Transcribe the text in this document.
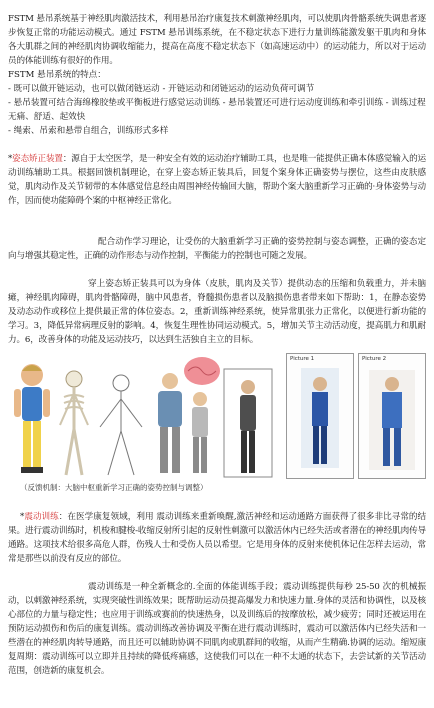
FSTM 悬吊系统基于神经肌肉激活技术，利用悬吊治疗康复技术刺激神经肌肉，可以使肌肉骨骼系统失调患者逐步恢复正常的功能运动模式。通过 FSTM 悬吊训练系统，在不稳定状态下进行力量训练能激发躯干肌肉和身体各大肌群之间的神经肌肉协调收缩能力，提高在高度不稳定状态下（如高速运动中）的运动能力，所以对于运动员的体能训练有很好的作用。

FSTM 悬吊系统的特点：
- 既可以做开链运动，也可以做闭链运动 - 开链运动和闭链运动的运动负荷可调节
- 悬吊装置可结合海绵橡胶垫或平衡板进行感觉运动训练 - 悬吊装置还可进行运动度训练和牵引训练 - 训练过程无痛、舒适、起效快
- 绳索、吊索和悬带自组合，训练形式多样

*姿态矫正装置：源自于太空医学，是一种安全有效的运动治疗辅助工具，也是唯一能提供正确本体感觉输入的运动训练辅助工具。根据回馈机制理论，在穿上姿态矫正装具后，回复个案身体正确姿势与摆位，这些由皮肤感觉，肌肉动作及关节韧带的本体感觉信息经由周围神经传输回大脑，帮助个案大脑重新学习正确的·身体姿势与动作，因而使功能障碍个案的中枢神经正常化。

配合动作学习理论，让受伤的大脑重新学习正确的姿势控制与姿态调整，正确的姿态定向与增强其稳定性，正确的动作形态与动作控制，平衡能力的控制也可随之发展。

穿上姿态矫正装具可以为身体（皮肤，肌肉及关节）提供动态的压缩和负载重力，并未脑瘫，神经肌肉障碍，肌肉骨骼障碍，脑中风患者，脊髓损伤患者以及脑损伤患者带来如下帮助：1，在静态姿势及动态动作或移位上提供最正常的体位姿态。2，重新训练神经系统，使异常肌张力正常化，以便进行新功能的学习。3，降低异常病理反射的影响。4，恢复生理性协同运动模式。5，增加关节主动活动度，提高肌力和肌耐力。6，改善身体的功能及运动技巧，以达到生活独自主立的目标。

Picture 1	Picture 2
（反馈机制：大脑中枢重新学习正确的姿势控制与调整）

*震动训练：在医学康复领域，利用 震动训练来重新唤醒,激活神经和运动通路方面获得了很多非比寻常的结果。进行震动训练时，机梭和腱梭-收缩反射所引起的反射性刺激可以激活休内已经失活或者潜在的神经肌肉传导通路。这项技术给很多高危人群，伤残人士和受伤人员以希望。它是用身体的反射来使机体记住怎样去运动，常常是那些以前没有反应的部位。

震动训练是一种全新概念的.全面的体能训练手段；震动训练提供每秒 25-50 次的机械振动，以刺激神经系统，实现突破性训练效果；既帮助运动员提高爆发力和快速力量.身体的灵活和协调性，以及核心部位的力量与稳定性；也应用于训练或赛前的快速热身，以及训练后的按摩放松，减少疲劳；同时还被运用在预防运动损伤和伤后的康复训练。震动训练改善协调及平衡在进行震动训练时，震动可以激活体内已经失活和一些潜在的神经肌肉转导通路，而且还可以辅助协调不同肌肉或肌群间的收缩，从而产生精确.协调的运动。缩短康复周期：震动训练可以立即并且持续的降低疼痛感，这使我们可以在一种不太通的状态下，去尝试新的关节活动范围，创造新的康复机会。
